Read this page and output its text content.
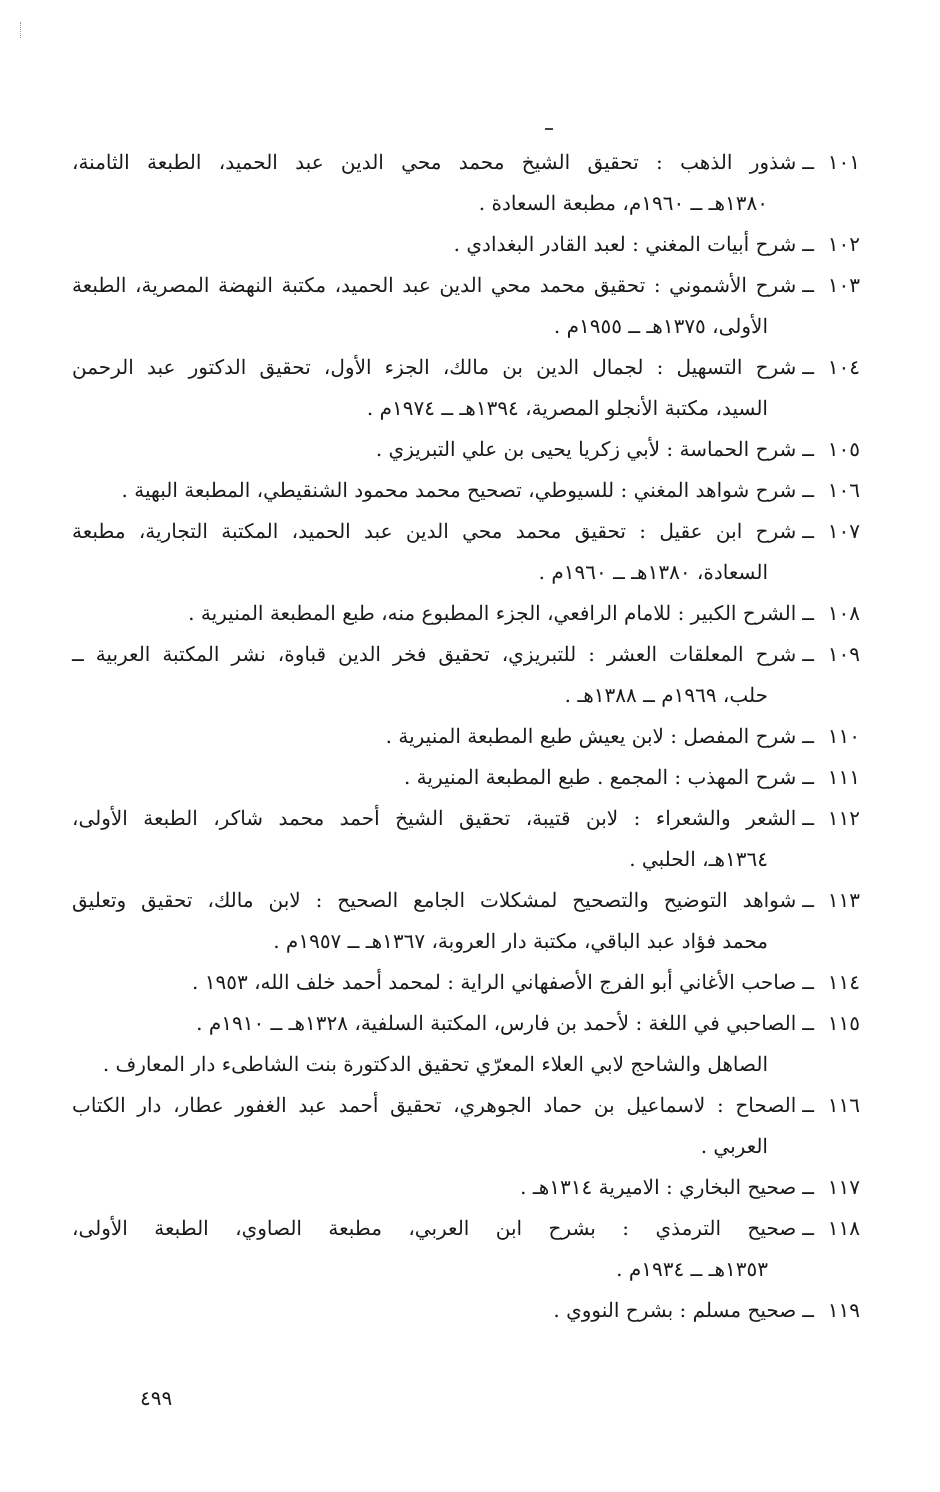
١٠١ــشذور الذهب : تحقيق الشيخ محمد محي الدين عبد الحميد، الطبعة الثامنة،
١٣٨٠هـ ــ ١٩٦٠م، مطبعة السعادة .
١٠٢ــشرح أبيات المغني : لعبد القادر البغدادي .
١٠٣ــشرح الأشموني : تحقيق محمد محي الدين عبد الحميد، مكتبة النهضة المصرية، الطبعة
الأولى، ١٣٧٥هـ ــ ١٩٥٥م .
١٠٤ــشرح التسهيل : لجمال الدين بن مالك، الجزء الأول، تحقيق الدكتور عبد الرحمن
السيد، مكتبة الأنجلو المصرية، ١٣٩٤هـ ــ ١٩٧٤م .
١٠٥ــشرح الحماسة : لأبي زكريا يحيى بن علي التبريزي .
١٠٦ــشرح شواهد المغني : للسيوطي، تصحيح محمد محمود الشنقيطي، المطبعة البهية .
١٠٧ــشرح ابن عقيل : تحقيق محمد محي الدين عبد الحميد، المكتبة التجارية، مطبعة
السعادة، ١٣٨٠هـ ــ ١٩٦٠م .
١٠٨ــالشرح الكبير : للامام الرافعي، الجزء المطبوع منه، طبع المطبعة المنيرية .
١٠٩ــشرح المعلقات العشر : للتبريزي، تحقيق فخر الدين قباوة، نشر المكتبة العربية ــ
حلب، ١٩٦٩م ــ ١٣٨٨هـ .
١١٠ــشرح المفصل : لابن يعيش طبع المطبعة المنيرية .
١١١ــشرح المهذب : المجمع . طبع المطبعة المنيرية .
١١٢ــالشعر والشعراء : لابن قتيبة، تحقيق الشيخ أحمد محمد شاكر، الطبعة الأولى،
١٣٦٤هـ، الحلبي .
١١٣ــشواهد التوضيح والتصحيح لمشكلات الجامع الصحيح : لابن مالك، تحقيق وتعليق
محمد فؤاد عبد الباقي، مكتبة دار العروبة، ١٣٦٧هـ ــ ١٩٥٧م .
١١٤ــصاحب الأغاني أبو الفرج الأصفهاني الراية : لمحمد أحمد خلف الله، ١٩٥٣ .
١١٥ــالصاحبي في اللغة : لأحمد بن فارس، المكتبة السلفية، ١٣٢٨هـ ــ ١٩١٠م .
الصاهل والشاحج لابي العلاء المعرّي تحقيق الدكتورة بنت الشاطىء دار المعارف .
١١٦ــالصحاح : لاسماعيل بن حماد الجوهري، تحقيق أحمد عبد الغفور عطار، دار الكتاب
العربي .
١١٧ــصحيح البخاري : الاميرية ١٣١٤هـ .
١١٨ــصحيح الترمذي : بشرح ابن العربي، مطبعة الصاوي، الطبعة الأولى،
١٣٥٣هـ ــ ١٩٣٤م .
١١٩ــصحيح مسلم : بشرح النووي .
٤٩٩
